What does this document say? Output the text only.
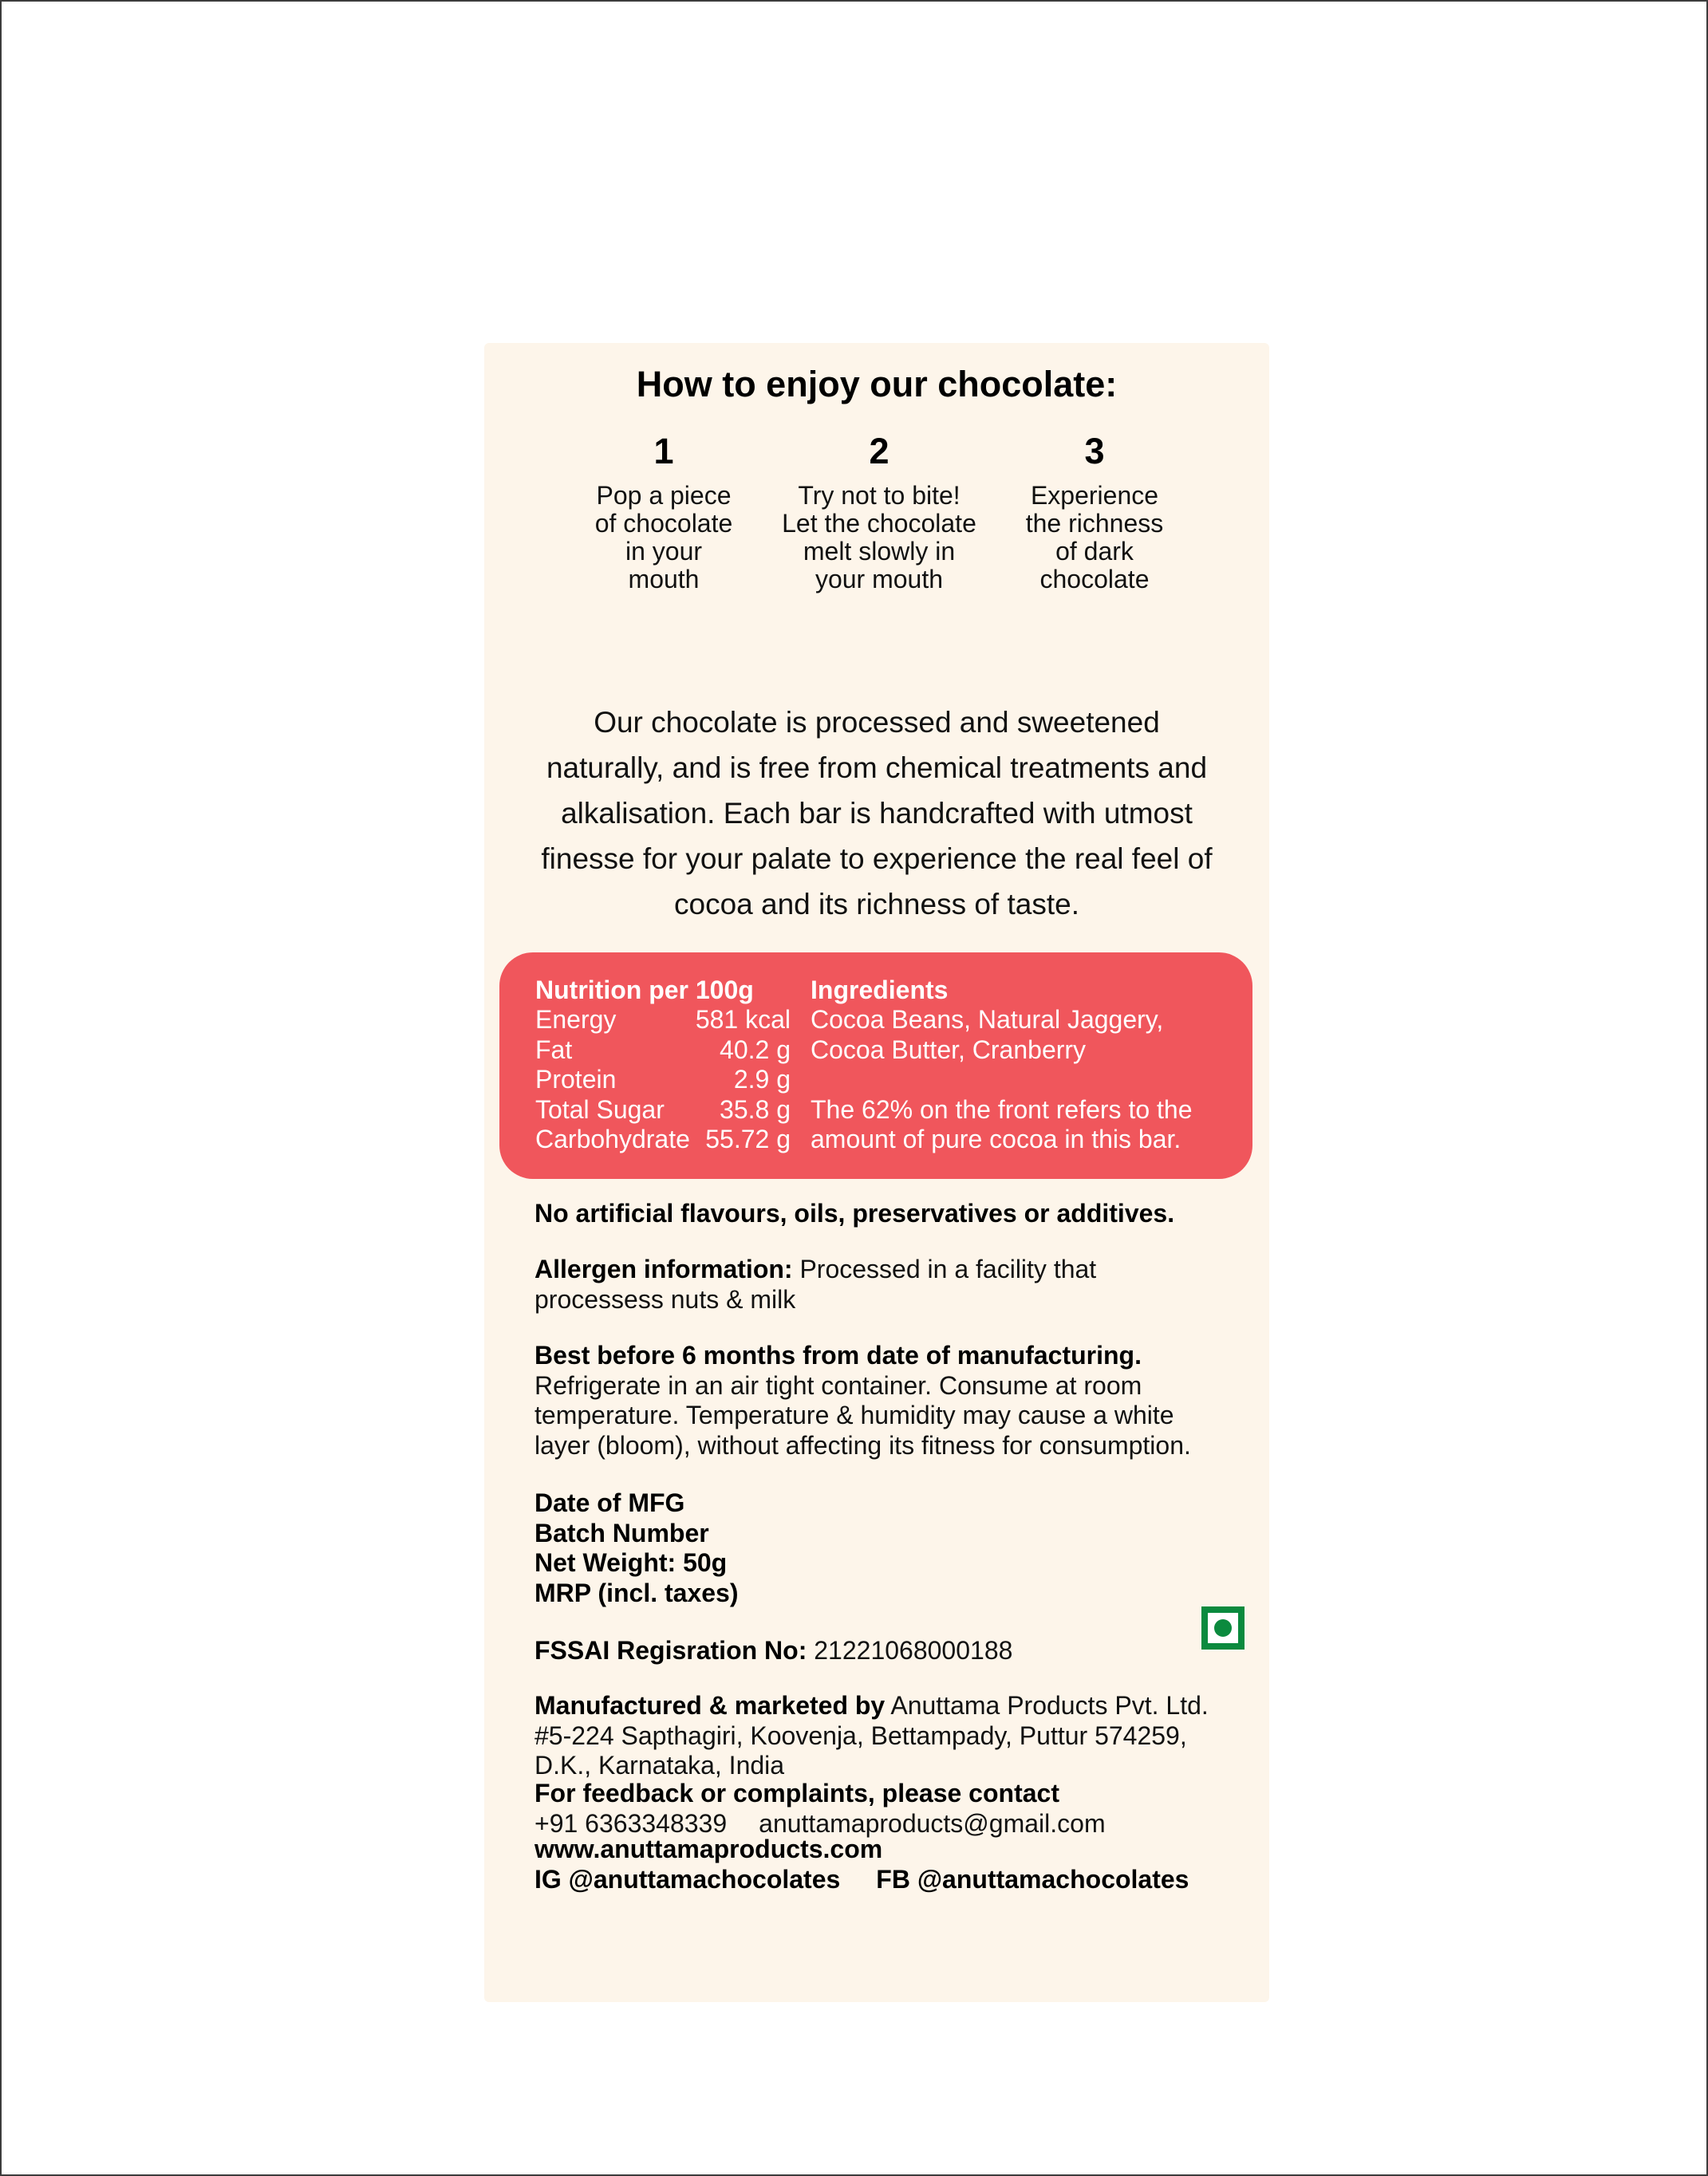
How to enjoy our chocolate:
1
Pop a piece
of chocolate
in your
mouth
2
Try not to bite!
Let the chocolate
melt slowly in
your mouth
3
Experience
the richness
of dark
chocolate
Our chocolate is processed and sweetened
naturally, and is free from chemical treatments and
alkalisation. Each bar is handcrafted with utmost
finesse for your palate to experience the real feel of
cocoa and its richness of taste.
Nutrition per 100g
Energy	581 kcal
Fat	40.2 g
Protein	2.9 g
Total Sugar 35.8 g
Carbohydrate 55.72 g
Ingredients
Cocoa Beans, Natural Jaggery,
Cocoa Butter, Cranberry
The 62% on the front refers to the
amount of pure cocoa in this bar.
No artificial flavours, oils, preservatives or additives.
Allergen information: Processed in a facility that
processess nuts & milk
Best before 6 months from date of manufacturing.
Refrigerate in an air tight container. Consume at room
temperature. Temperature & humidity may cause a white
layer (bloom), without affecting its fitness for consumption.
Date of MFG
Batch Number
Net Weight: 50g
MRP (incl. taxes)
FSSAI Regisration No: 21221068000188
Manufactured & marketed by Anuttama Products Pvt. Ltd.
#5-224 Sapthagiri, Koovenja, Bettampady, Puttur 574259,
D.K., Karnataka, India
For feedback or complaints, please contact
+91 6363348339 anuttamaproducts@gmail.com
www.anuttamaproducts.com
IG @anuttamachocolates FB @anuttamachocolates
